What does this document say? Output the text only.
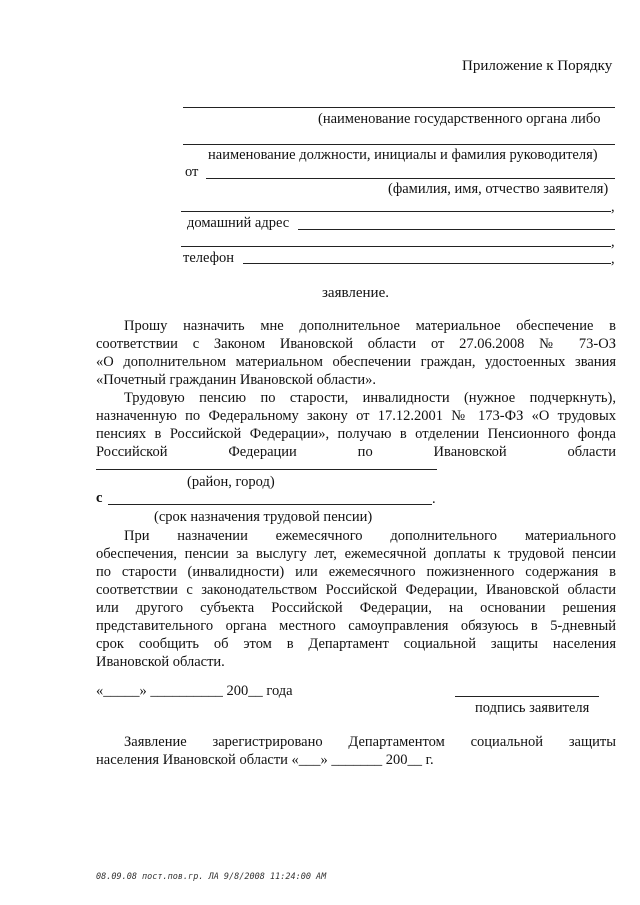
Приложение к Порядку
(наименование государственного органа либо
наименование должности, инициалы и фамилия руководителя)
от
(фамилия, имя, отчество заявителя)
,
домашний адрес
,
телефон	,
заявление.
Прошу назначить мне дополнительное материальное обеспечение в
соответствии с Законом Ивановской области от 27.06.2008 № 73-ОЗ
«О дополнительном материальном обеспечении граждан, удостоенных звания
«Почетный гражданин Ивановской области».
Трудовую пенсию по старости, инвалидности (нужное подчеркнуть),
назначенную по Федеральному закону от 17.12.2001 № 173-ФЗ «О трудовых
пенсиях в Российской Федерации», получаю в отделении Пенсионного фонда
Российской Федерации по Ивановской области
(район, город)
с	.
(срок назначения трудовой пенсии)
При назначении ежемесячного дополнительного материального
обеспечения, пенсии за выслугу лет, ежемесячной доплаты к трудовой пенсии
по старости (инвалидности) или ежемесячного пожизненного содержания в
соответствии с законодательством Российской Федерации, Ивановской области
или другого субъекта Российской Федерации, на основании решения
представительного органа местного самоуправления обязуюсь в 5-дневный
срок сообщить об этом в Департамент социальной защиты населения
Ивановской области.
«_____» __________ 200__ года
подпись заявителя
Заявление зарегистрировано Департаментом социальной защиты
населения Ивановской области «___» _______ 200__ г.
08.09.08 пост.пов.гр. ЛА 9/8/2008 11:24:00 AM
